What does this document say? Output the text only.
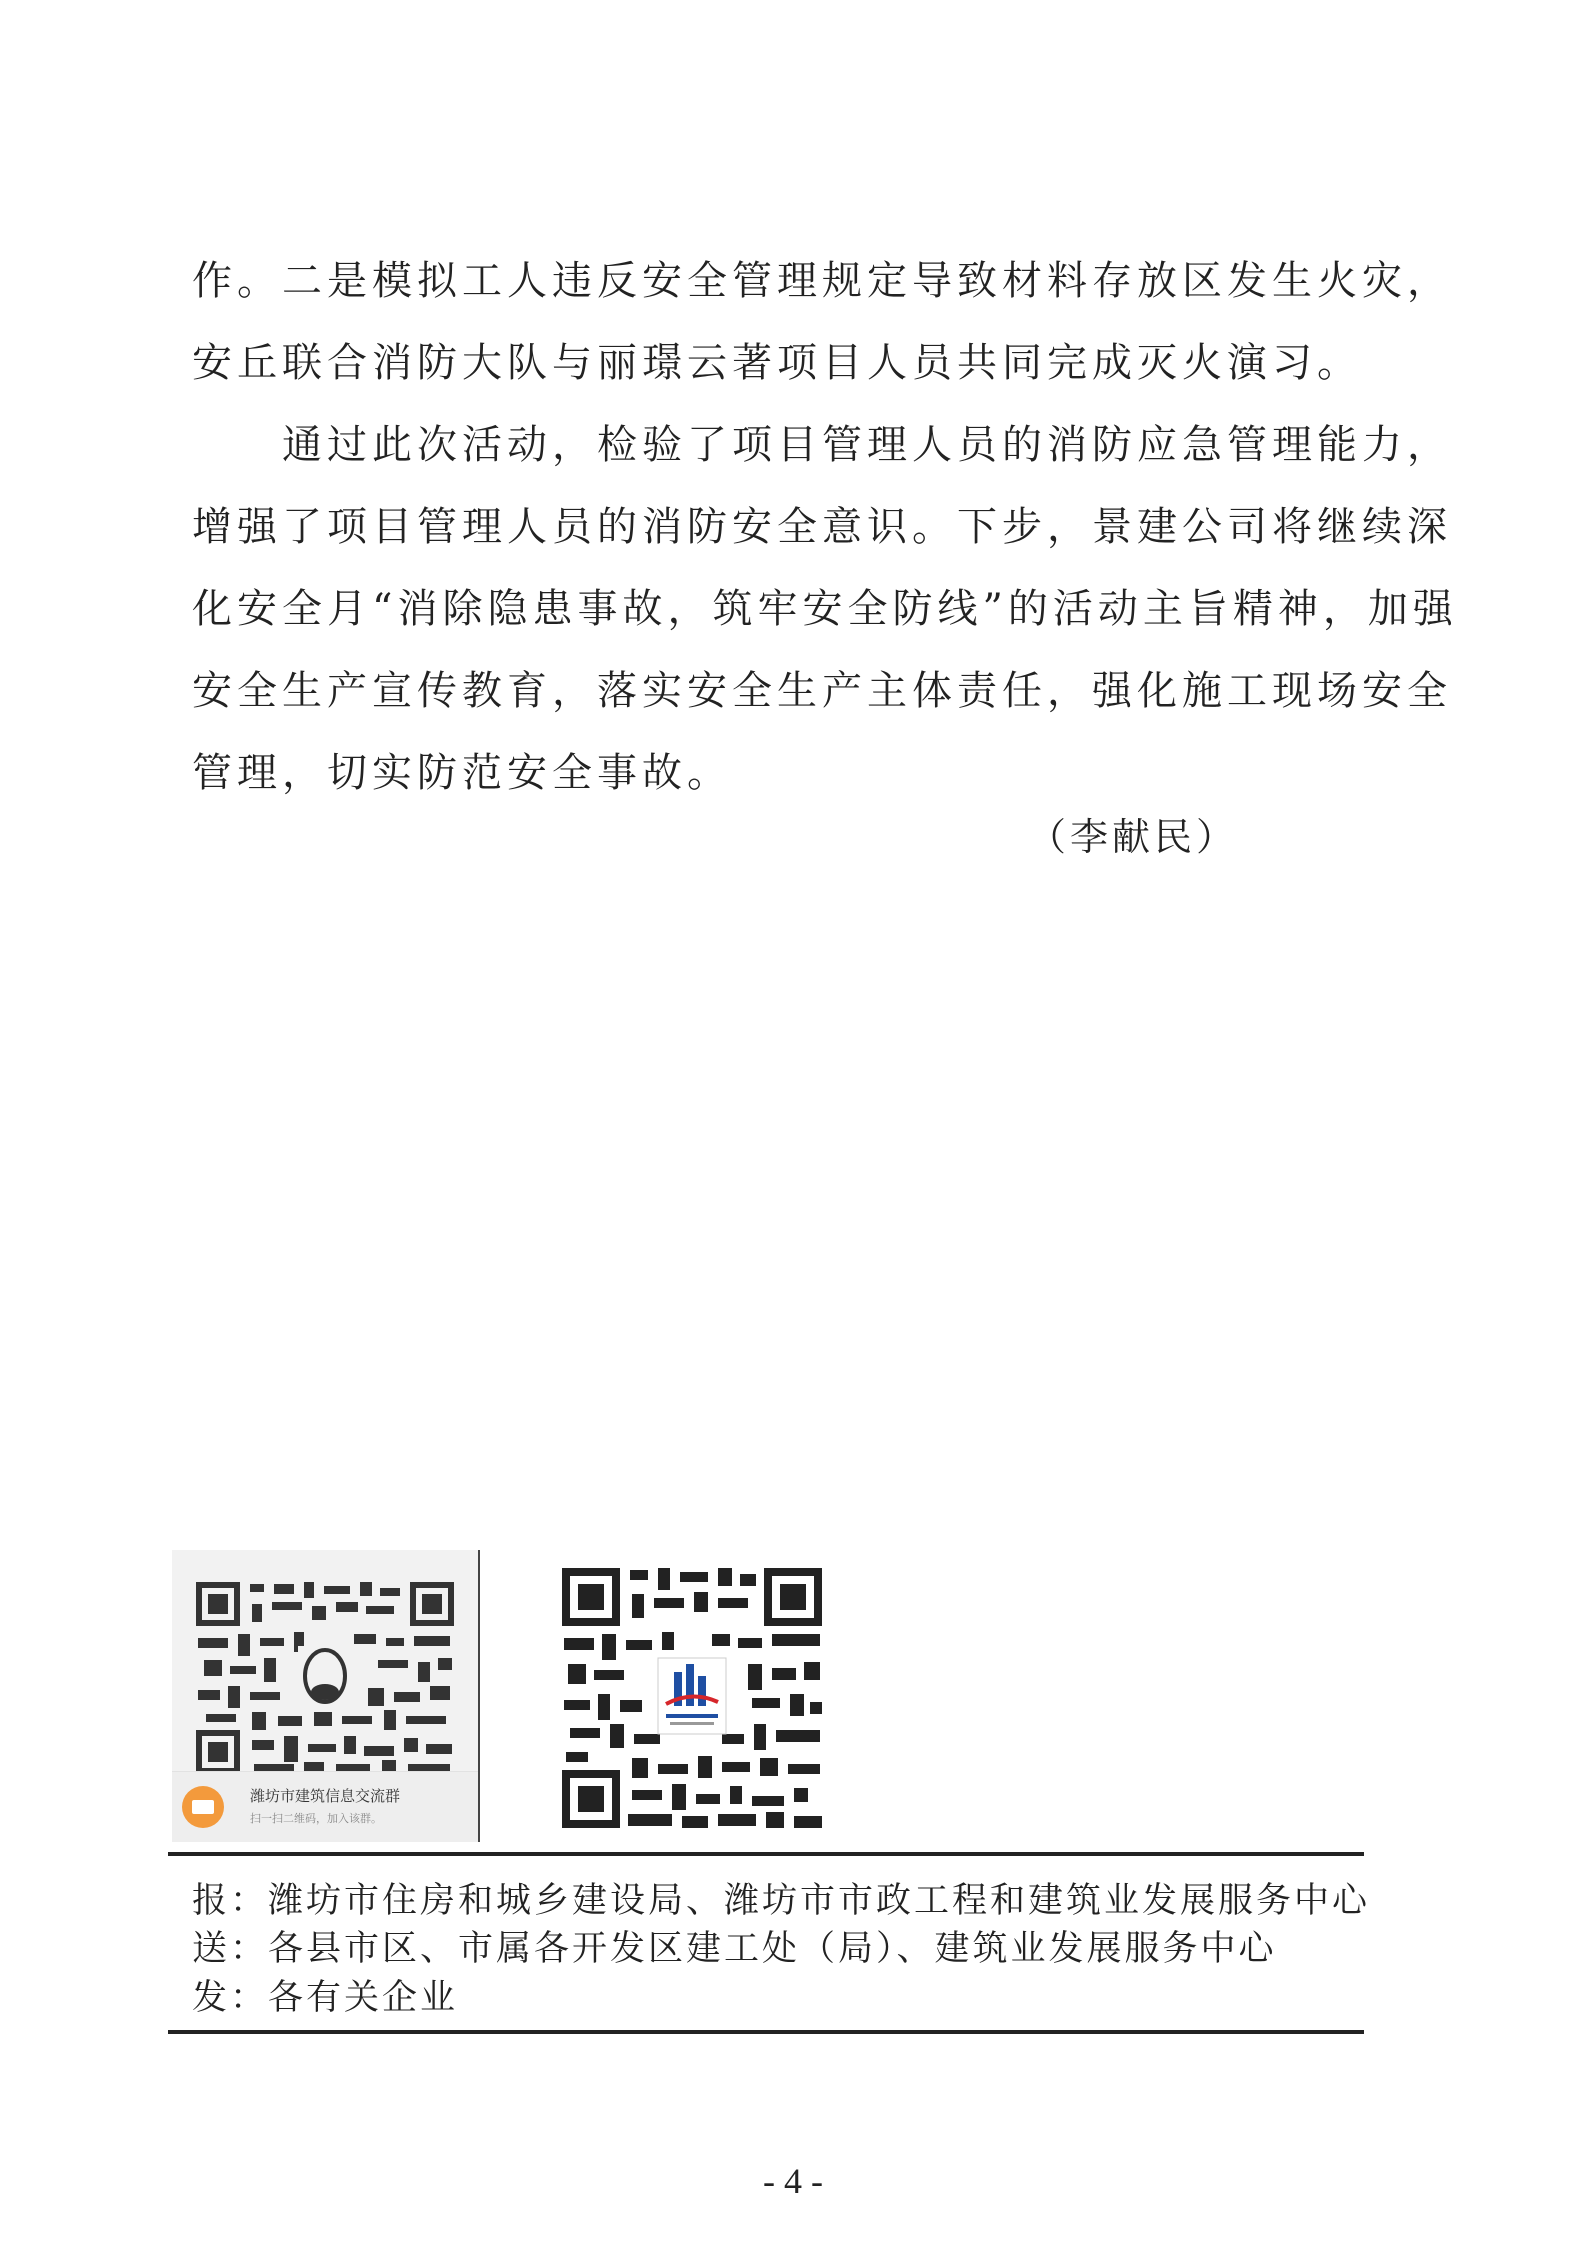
作。二是模拟工人违反安全管理规定导致材料存放区发生火灾，
安丘联合消防大队与丽璟云著项目人员共同完成灭火演习。
　　通过此次活动，检验了项目管理人员的消防应急管理能力，
增强了项目管理人员的消防安全意识。下步，景建公司将继续深
化安全月“消除隐患事故，筑牢安全防线”的活动主旨精神，加强
安全生产宣传教育，落实安全生产主体责任，强化施工现场安全
管理，切实防范安全事故。
（李献民）
潍坊市建筑信息交流群
扫一扫二维码，加入该群。
报：潍坊市住房和城乡建设局、潍坊市市政工程和建筑业发展服务中心
送：各县市区、市属各开发区建工处（局）、建筑业发展服务中心
发：各有关企业
- 4 -
